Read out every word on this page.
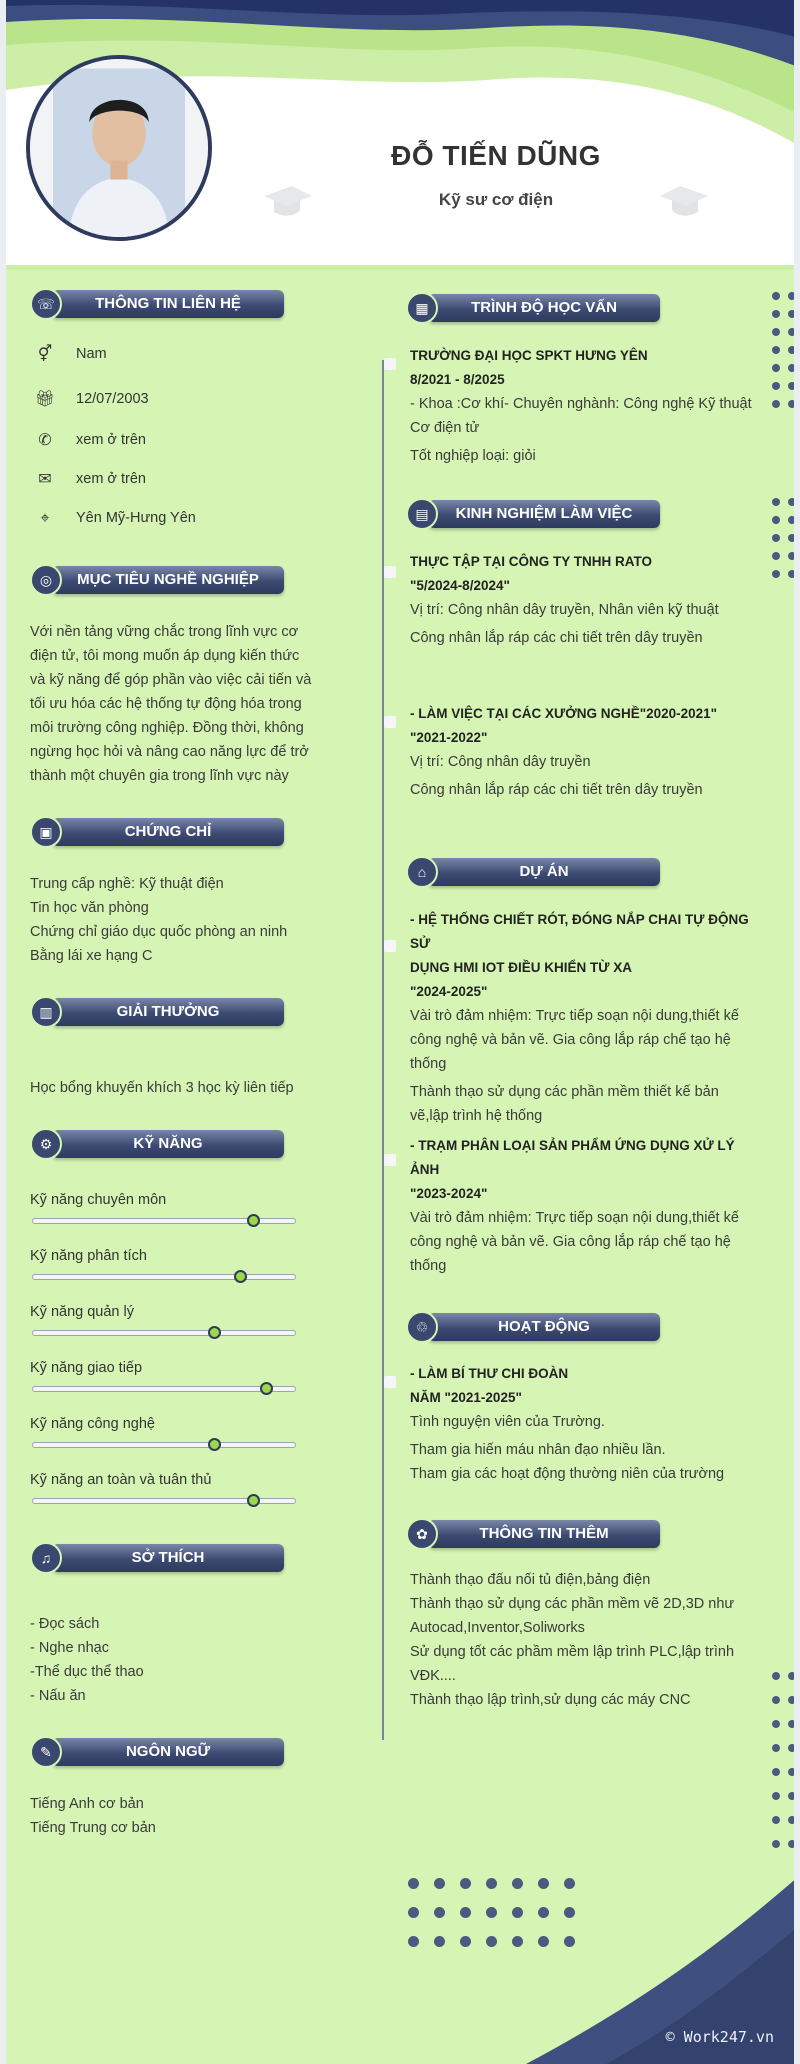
ĐỖ TIẾN DŨNG
Kỹ sư cơ điện
© Work247.vn
THÔNG TIN LIÊN HỆ
☏
⚥ Nam
🎁︎ 12/07/2003
✆ xem ở trên
✉ xem ở trên
⌖	Yên Mỹ-Hưng Yên
MỤC TIÊU NGHỀ NGHIỆP
◎
Với nền tảng vững chắc trong lĩnh vực cơ
điện tử, tôi mong muốn áp dụng kiến thức
và kỹ năng để góp phần vào việc cải tiến và
tối ưu hóa các hệ thống tự động hóa trong
môi trường công nghiệp. Đồng thời, không
ngừng học hỏi và nâng cao năng lực để trở
thành một chuyên gia trong lĩnh vực này
CHỨNG CHỈ
▣
Trung cấp nghề: Kỹ thuật điện
Tin học văn phòng
Chứng chỉ giáo dục quốc phòng an ninh
Bằng lái xe hạng C
GIẢI THƯỞNG
▥
Học bổng khuyến khích 3 học kỳ liên tiếp
KỸ NĂNG
⚙
Kỹ năng chuyên môn
Kỹ năng phân tích
Kỹ năng quản lý
Kỹ năng giao tiếp
Kỹ năng công nghệ
Kỹ năng an toàn và tuân thủ
SỞ THÍCH
♫
- Đọc sách
- Nghe nhạc
-Thể dục thể thao
- Nấu ăn
NGÔN NGỮ
✎
Tiếng Anh cơ bản
Tiếng Trung cơ bản
TRÌNH ĐỘ HỌC VẤN
▦
TRƯỜNG ĐẠI HỌC SPKT HƯNG YÊN
8/2021 - 8/2025
- Khoa :Cơ khí- Chuyên nghành: Công nghệ Kỹ thuật
Cơ điện tử
Tốt nghiệp loại: giỏi
KINH NGHIỆM LÀM VIỆC
▤
THỰC TẬP TẠI CÔNG TY TNHH RATO
"5/2024-8/2024"
Vị trí: Công nhân dây truyền, Nhân viên kỹ thuật
Công nhân lắp ráp các chi tiết trên dây truyền
- LÀM VIỆC TẠI CÁC XƯỞNG NGHỀ"2020-2021"
"2021-2022"
Vị trí: Công nhân dây truyền
Công nhân lắp ráp các chi tiết trên dây truyền
DỰ ÁN
⌂
- HỆ THỐNG CHIẾT RÓT, ĐÓNG NẮP CHAI TỰ ĐỘNG SỬ
DỤNG HMI IOT ĐIỀU KHIỂN TỪ XA
"2024-2025"
Vài trò đảm nhiệm: Trực tiếp soạn nội dung,thiết kế
công nghệ và bản vẽ. Gia công lắp ráp chế tạo hệ
thống
Thành thạo sử dụng các phần mềm thiết kế bản
vẽ,lập trình hệ thống
- TRẠM PHÂN LOẠI SẢN PHẨM ỨNG DỤNG XỬ LÝ ẢNH
"2023-2024"
Vài trò đảm nhiệm: Trực tiếp soạn nội dung,thiết kế
công nghệ và bản vẽ. Gia công lắp ráp chế tạo hệ
thống
HOẠT ĐỘNG
♲
- LÀM BÍ THƯ CHI ĐOÀN
NĂM "2021-2025"
Tình nguyện viên của Trường.
Tham gia hiến máu nhân đạo nhiều lần.
Tham gia các hoạt động thường niên của trường
THÔNG TIN THÊM
✿
Thành thạo đấu nối tủ điện,bảng điện
Thành thạo sử dụng các phần mềm vẽ 2D,3D như
Autocad,Inventor,Soliworks
Sử dụng tốt các phầm mềm lập trình PLC,lập trình
VĐK....
Thành thạo lập trình,sử dụng các máy CNC
